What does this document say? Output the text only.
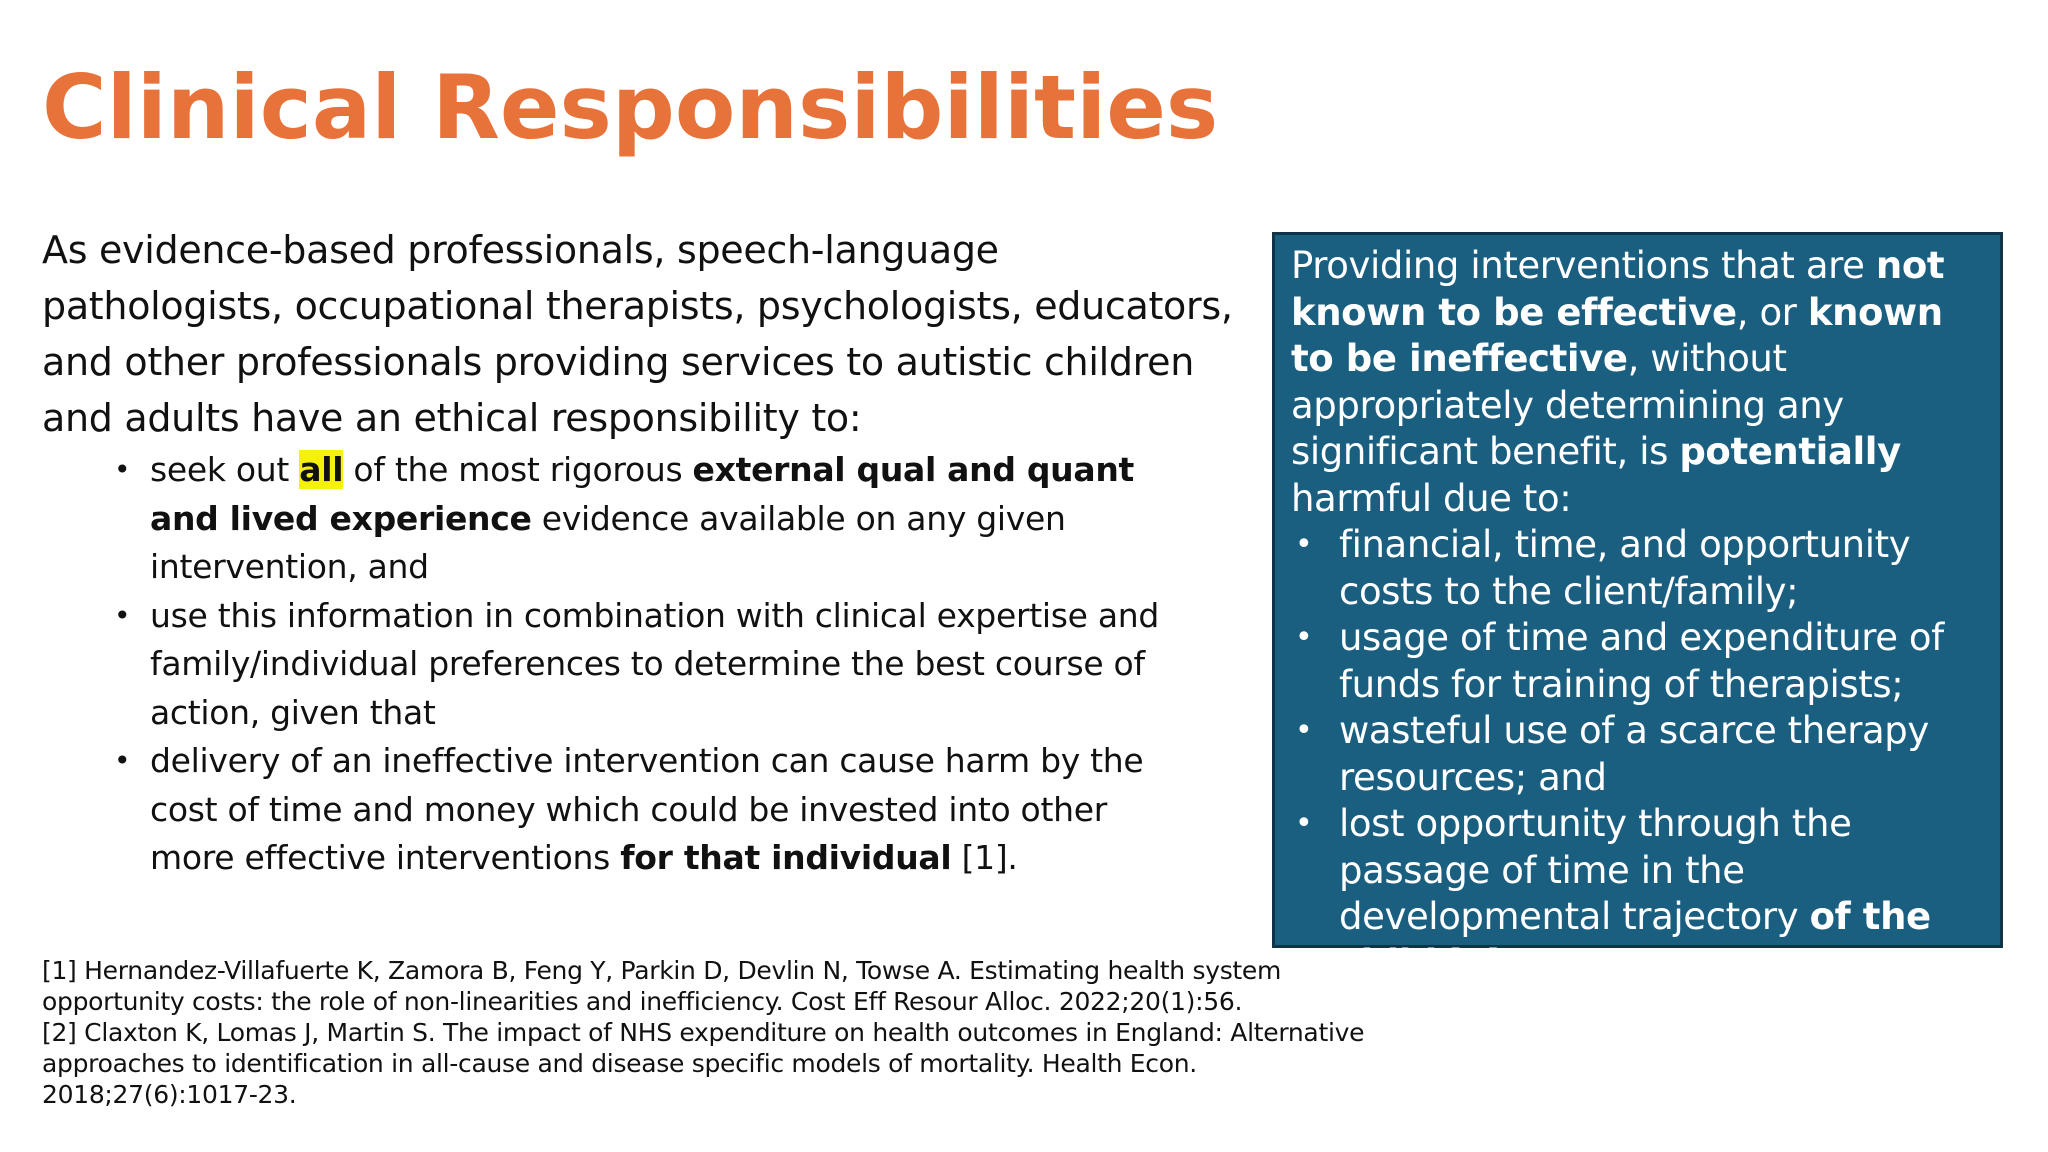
Clinical Responsibilities

As evidence-based professionals, speech-language pathologists, occupational therapists, psychologists, educators, and other professionals providing services to autistic children and adults have an ethical responsibility to:

• seek out all of the most rigorous external qual and quant and lived experience evidence available on any given intervention, and
• use this information in combination with clinical expertise and family/individual preferences to determine the best course of action, given that
• delivery of an ineffective intervention can cause harm by the cost of time and money which could be invested into other more effective interventions for that individual [1].

Providing interventions that are not known to be effective, or known to be ineffective, without appropriately determining any significant benefit, is potentially harmful due to:

• financial, time, and opportunity costs to the client/family;
• usage of time and expenditure of funds for training of therapists;
• wasteful use of a scarce therapy resources; and
• lost opportunity through the passage of time in the developmental trajectory of the child [2].
[1] Hernandez-Villafuerte K, Zamora B, Feng Y, Parkin D, Devlin N, Towse A. Estimating health system opportunity costs: the role of non-linearities and inefficiency. Cost Eff Resour Alloc. 2022;20(1):56.
[2] Claxton K, Lomas J, Martin S. The impact of NHS expenditure on health outcomes in England: Alternative approaches to identification in all-cause and disease specific models of mortality. Health Econ. 2018;27(6):1017-23.
